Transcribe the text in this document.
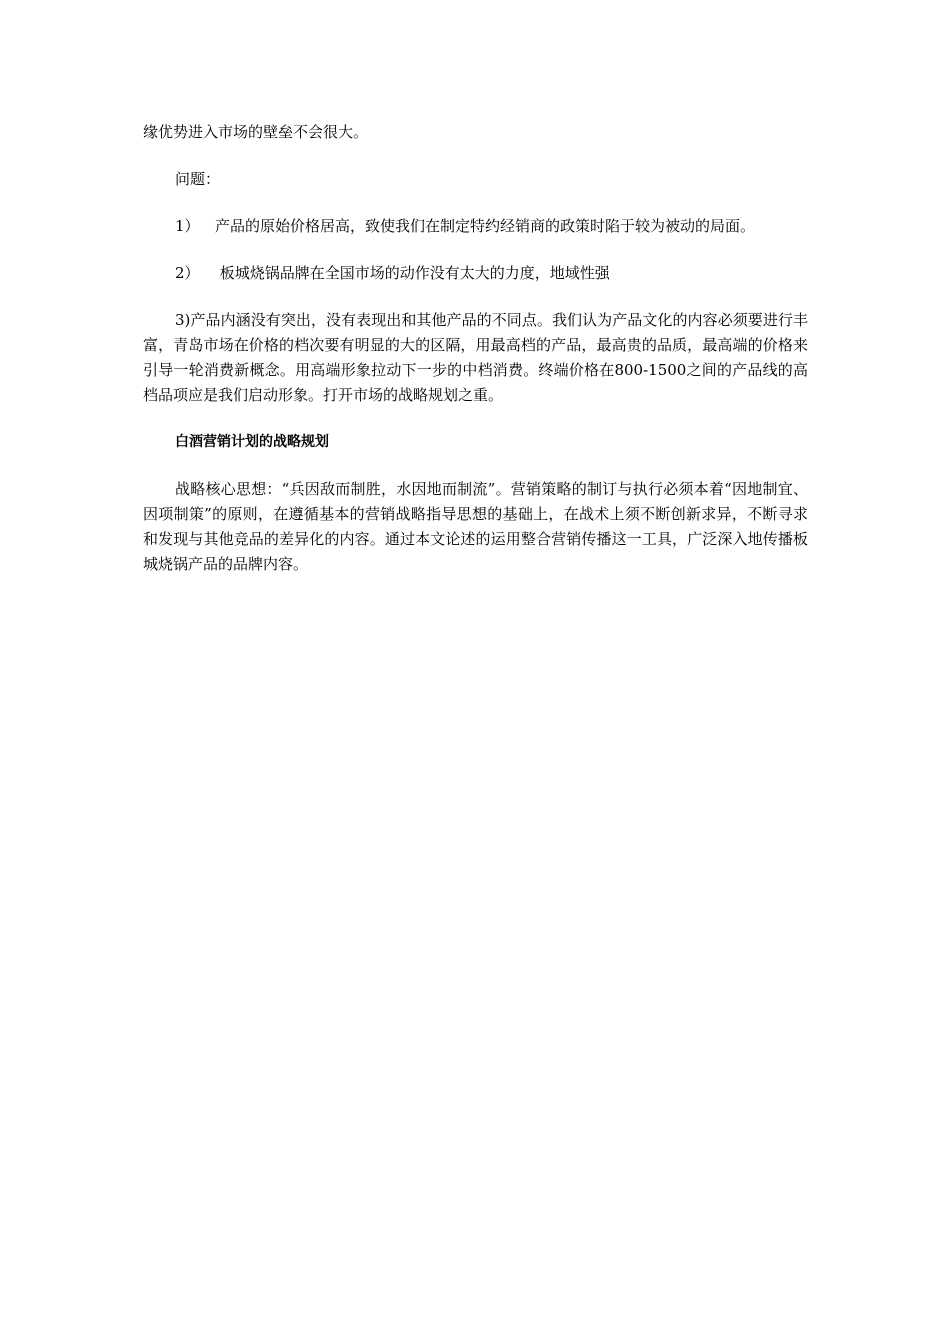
缘优势进入市场的壁垒不会很大。

问题：

1） 产品的原始价格居高，致使我们在制定特约经销商的政策时陷于较为被动的局面。

2） 板城烧锅品牌在全国市场的动作没有太大的力度，地域性强

3)产品内涵没有突出，没有表现出和其他产品的不同点。我们认为产品文化的内容必须要进行丰富，青岛市场在价格的档次要有明显的大的区隔，用最高档的产品，最高贵的品质，最高端的价格来引导一轮消费新概念。用高端形象拉动下一步的中档消费。终端价格在800-1500之间的产品线的高档品项应是我们启动形象。打开市场的战略规划之重。

白酒营销计划的战略规划

战略核心思想：“兵因敌而制胜，水因地而制流”。营销策略的制订与执行必须本着“因地制宜、因项制策”的原则，在遵循基本的营销战略指导思想的基础上，在战术上须不断创新求异，不断寻求和发现与其他竞品的差异化的内容。通过本文论述的运用整合营销传播这一工具，广泛深入地传播板城烧锅产品的品牌内容。
